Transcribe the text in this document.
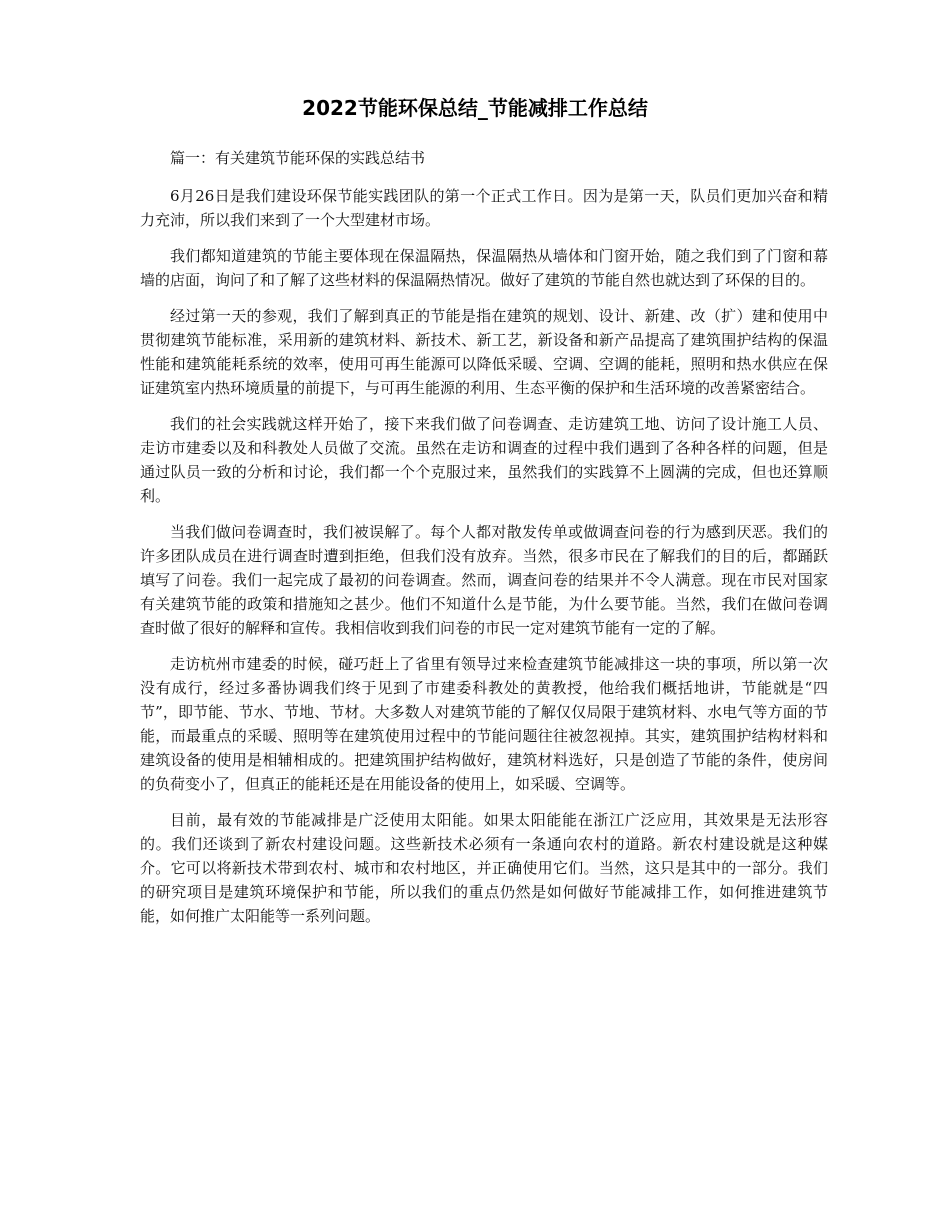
2022节能环保总结_节能减排工作总结

篇一：有关建筑节能环保的实践总结书

6月26日是我们建设环保节能实践团队的第一个正式工作日。因为是第一天，队员们更加兴奋和精力充沛，所以我们来到了一个大型建材市场。

我们都知道建筑的节能主要体现在保温隔热，保温隔热从墙体和门窗开始，随之我们到了门窗和幕墙的店面，询问了和了解了这些材料的保温隔热情况。做好了建筑的节能自然也就达到了环保的目的。

经过第一天的参观，我们了解到真正的节能是指在建筑的规划、设计、新建、改（扩）建和使用中贯彻建筑节能标准，采用新的建筑材料、新技术、新工艺，新设备和新产品提高了建筑围护结构的保温性能和建筑能耗系统的效率，使用可再生能源可以降低采暖、空调、空调的能耗，照明和热水供应在保证建筑室内热环境质量的前提下，与可再生能源的利用、生态平衡的保护和生活环境的改善紧密结合。

我们的社会实践就这样开始了，接下来我们做了问卷调查、走访建筑工地、访问了设计施工人员、走访市建委以及和科教处人员做了交流。虽然在走访和调查的过程中我们遇到了各种各样的问题，但是通过队员一致的分析和讨论，我们都一个个克服过来，虽然我们的实践算不上圆满的完成，但也还算顺利。

当我们做问卷调查时，我们被误解了。每个人都对散发传单或做调查问卷的行为感到厌恶。我们的许多团队成员在进行调查时遭到拒绝，但我们没有放弃。当然，很多市民在了解我们的目的后，都踊跃填写了问卷。我们一起完成了最初的问卷调查。然而，调查问卷的结果并不令人满意。现在市民对国家有关建筑节能的政策和措施知之甚少。他们不知道什么是节能，为什么要节能。当然，我们在做问卷调查时做了很好的解释和宣传。我相信收到我们问卷的市民一定对建筑节能有一定的了解。

走访杭州市建委的时候，碰巧赶上了省里有领导过来检查建筑节能减排这一块的事项，所以第一次没有成行，经过多番协调我们终于见到了市建委科教处的黄教授，他给我们概括地讲，节能就是“四节”，即节能、节水、节地、节材。大多数人对建筑节能的了解仅仅局限于建筑材料、水电气等方面的节能，而最重点的采暖、照明等在建筑使用过程中的节能问题往往被忽视掉。其实，建筑围护结构材料和建筑设备的使用是相辅相成的。把建筑围护结构做好，建筑材料选好，只是创造了节能的条件，使房间的负荷变小了，但真正的能耗还是在用能设备的使用上，如采暖、空调等。

目前，最有效的节能减排是广泛使用太阳能。如果太阳能能在浙江广泛应用，其效果是无法形容的。我们还谈到了新农村建设问题。这些新技术必须有一条通向农村的道路。新农村建设就是这种媒介。它可以将新技术带到农村、城市和农村地区，并正确使用它们。当然，这只是其中的一部分。我们的研究项目是建筑环境保护和节能，所以我们的重点仍然是如何做好节能减排工作，如何推进建筑节能，如何推广太阳能等一系列问题。
